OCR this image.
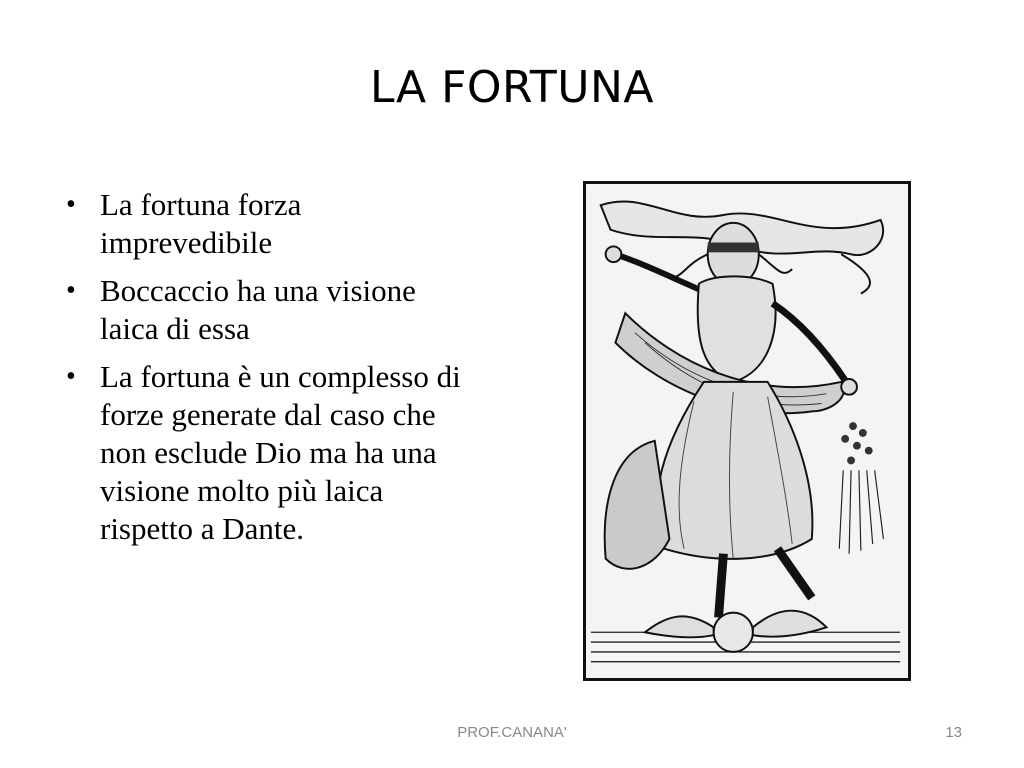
LA FORTUNA
• La fortuna forza imprevedibile
• Boccaccio ha una visione laica di essa
• La fortuna è un complesso di forze generate dal caso che non esclude Dio ma ha una visione molto più laica rispetto a Dante.
PROF.CANANA'	13
